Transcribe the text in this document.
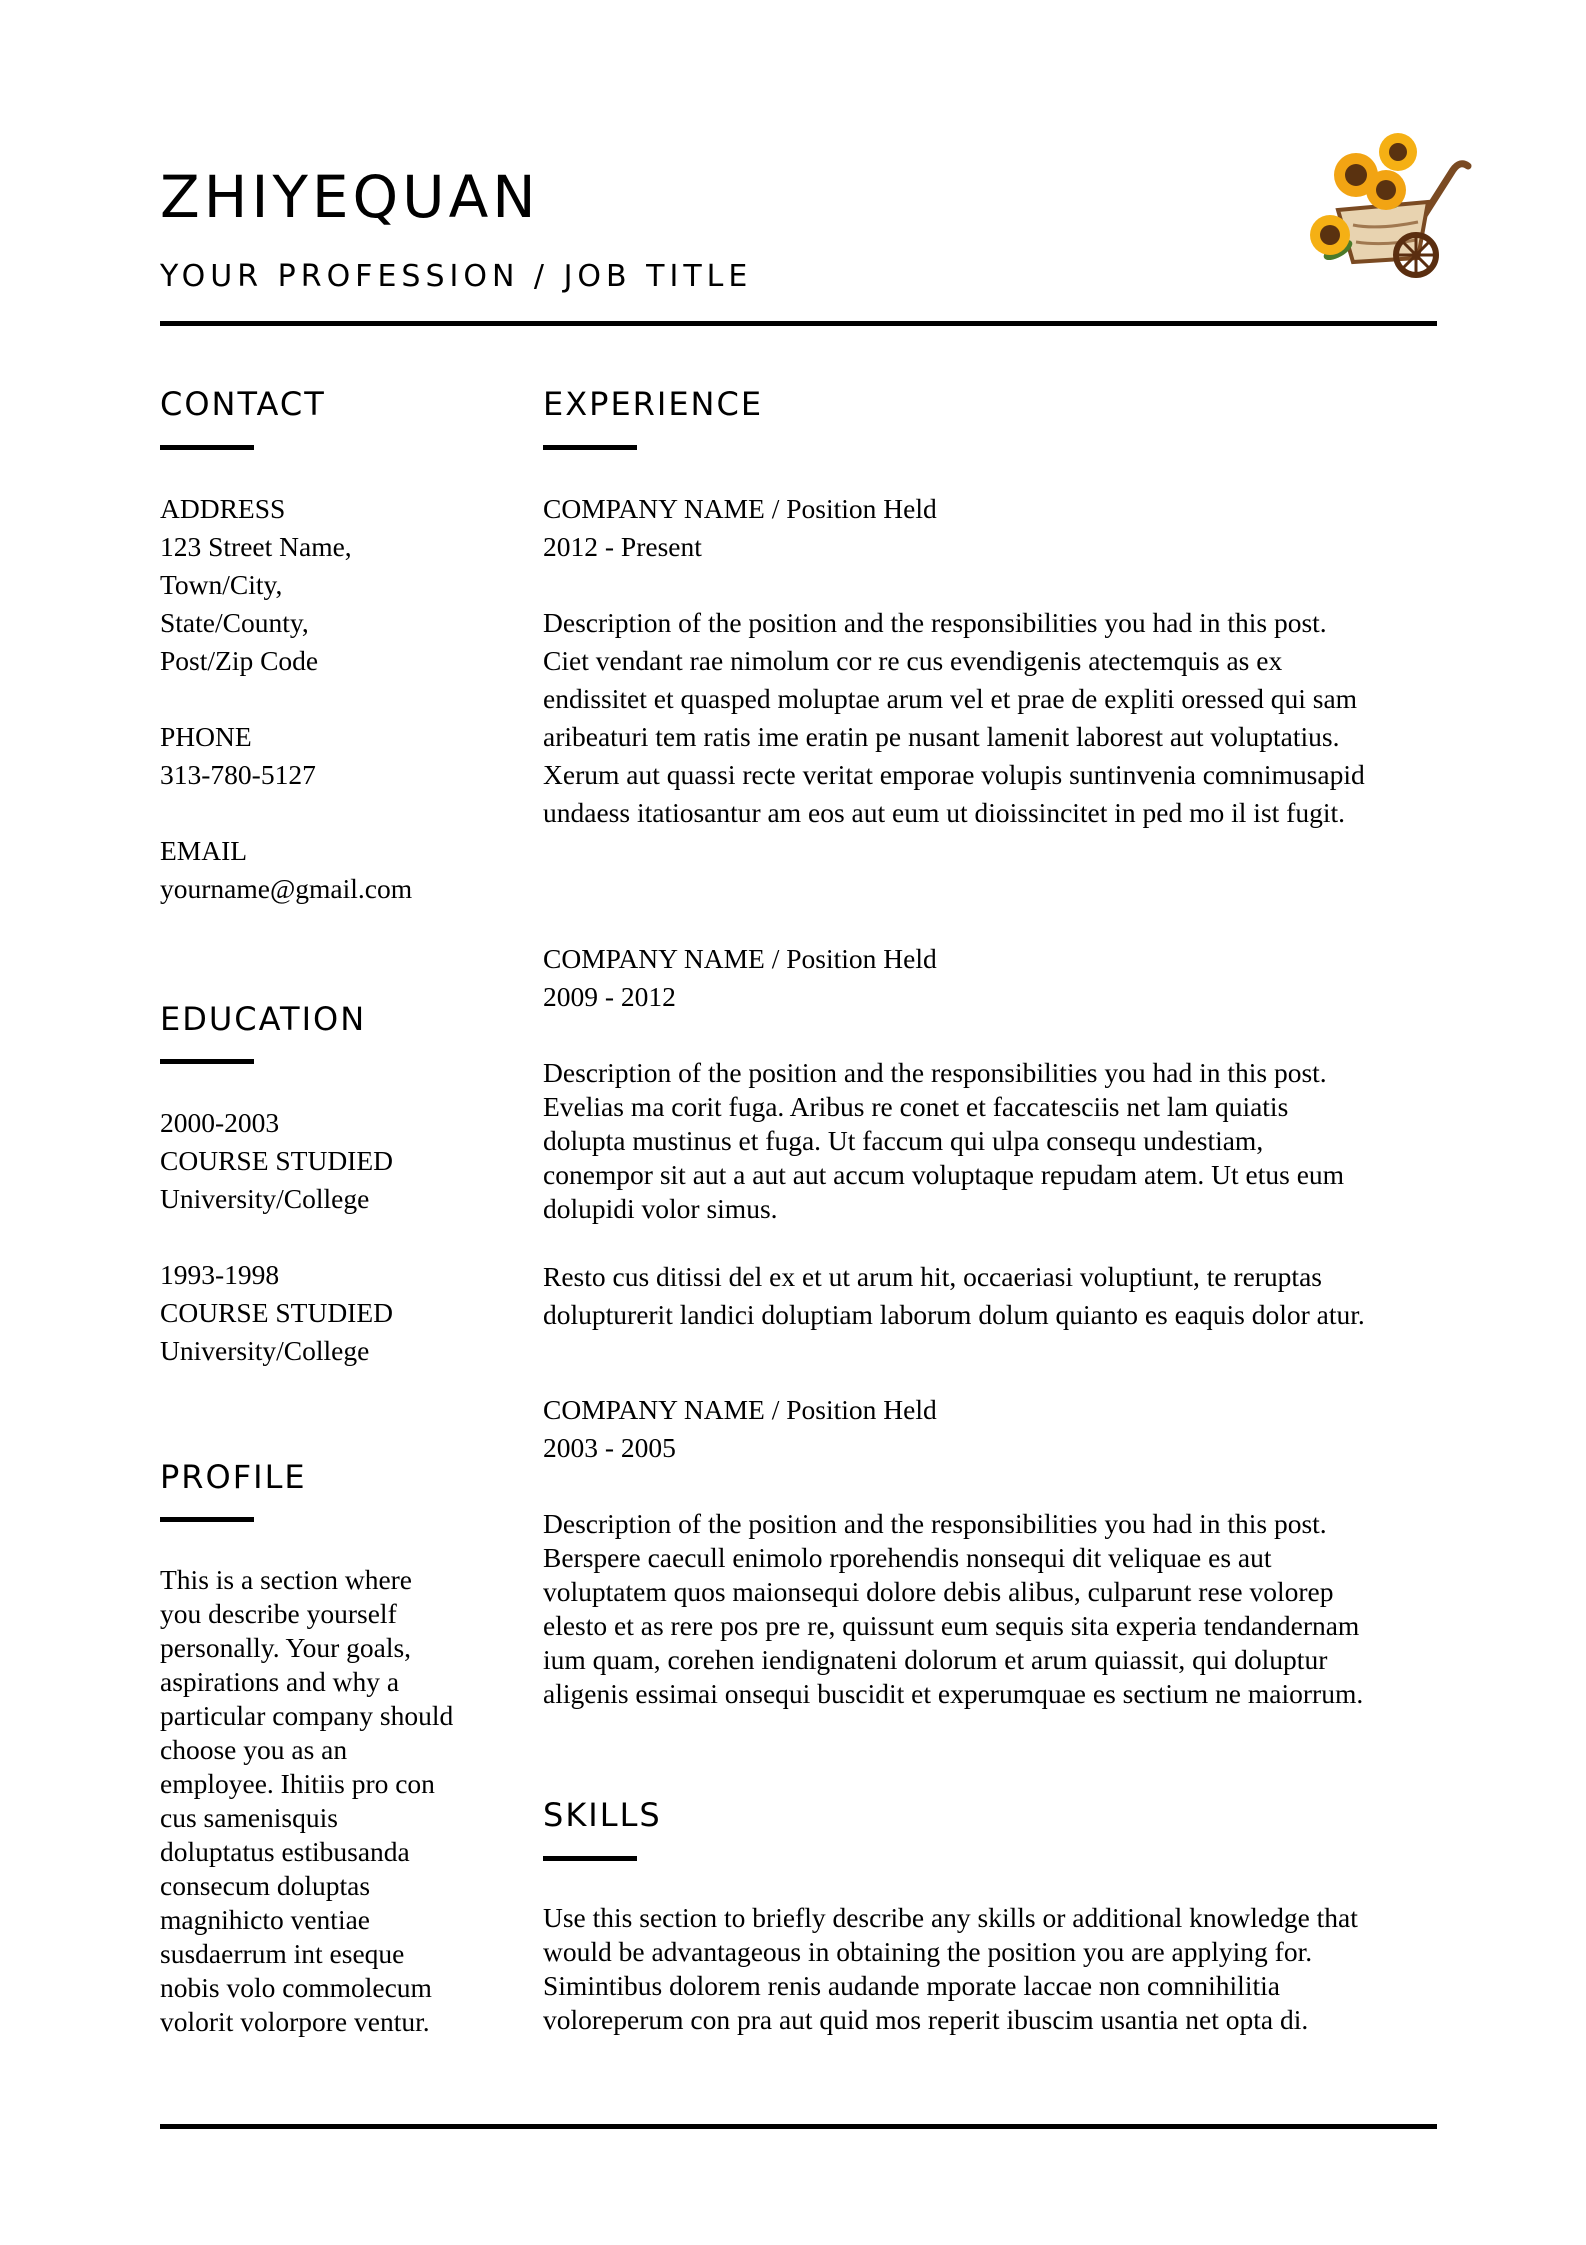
ZHIYEQUAN
YOUR PROFESSION / JOB TITLE
CONTACT
ADDRESS
123 Street Name,
Town/City,
State/County,
Post/Zip Code
PHONE
313-780-5127
EMAIL
yourname@gmail.com
EDUCATION
2000-2003
COURSE STUDIED
University/College
1993-1998
COURSE STUDIED
University/College
PROFILE
This is a section where
you describe yourself
personally. Your goals,
aspirations and why a
particular company should
choose you as an
employee. Ihitiis pro con
cus samenisquis
doluptatus estibusanda
consecum doluptas
magnihicto ventiae
susdaerrum int eseque
nobis volo commolecum
volorit volorpore ventur.
EXPERIENCE
COMPANY NAME / Position Held
2012 - Present
Description of the position and the responsibilities you had in this post.
Ciet vendant rae nimolum cor re cus evendigenis atectemquis as ex
endissitet et quasped moluptae arum vel et prae de expliti oressed qui sam
aribeaturi tem ratis ime eratin pe nusant lamenit laborest aut voluptatius.
Xerum aut quassi recte veritat emporae volupis suntinvenia comnimusapid
undaess itatiosantur am eos aut eum ut dioissincitet in ped mo il ist fugit.
COMPANY NAME / Position Held
2009 - 2012
Description of the position and the responsibilities you had in this post.
Evelias ma corit fuga. Aribus re conet et faccatesciis net lam quiatis
dolupta mustinus et fuga. Ut faccum qui ulpa consequ undestiam,
conempor sit aut a aut aut accum voluptaque repudam atem. Ut etus eum
dolupidi volor simus.
Resto cus ditissi del ex et ut arum hit, occaeriasi voluptiunt, te reruptas
dolupturerit landici doluptiam laborum dolum quianto es eaquis dolor atur.
COMPANY NAME / Position Held
2003 - 2005
Description of the position and the responsibilities you had in this post.
Berspere caecull enimolo rporehendis nonsequi dit veliquae es aut
voluptatem quos maionsequi dolore debis alibus, culparunt rese volorep
elesto et as rere pos pre re, quissunt eum sequis sita experia tendandernam
ium quam, corehen iendignateni dolorum et arum quiassit, qui doluptur
aligenis essimai onsequi buscidit et experumquae es sectium ne maiorrum.
SKILLS
Use this section to briefly describe any skills or additional knowledge that
would be advantageous in obtaining the position you are applying for.
Simintibus dolorem renis audande mporate laccae non comnihilitia
voloreperum con pra aut quid mos reperit ibuscim usantia net opta di.
